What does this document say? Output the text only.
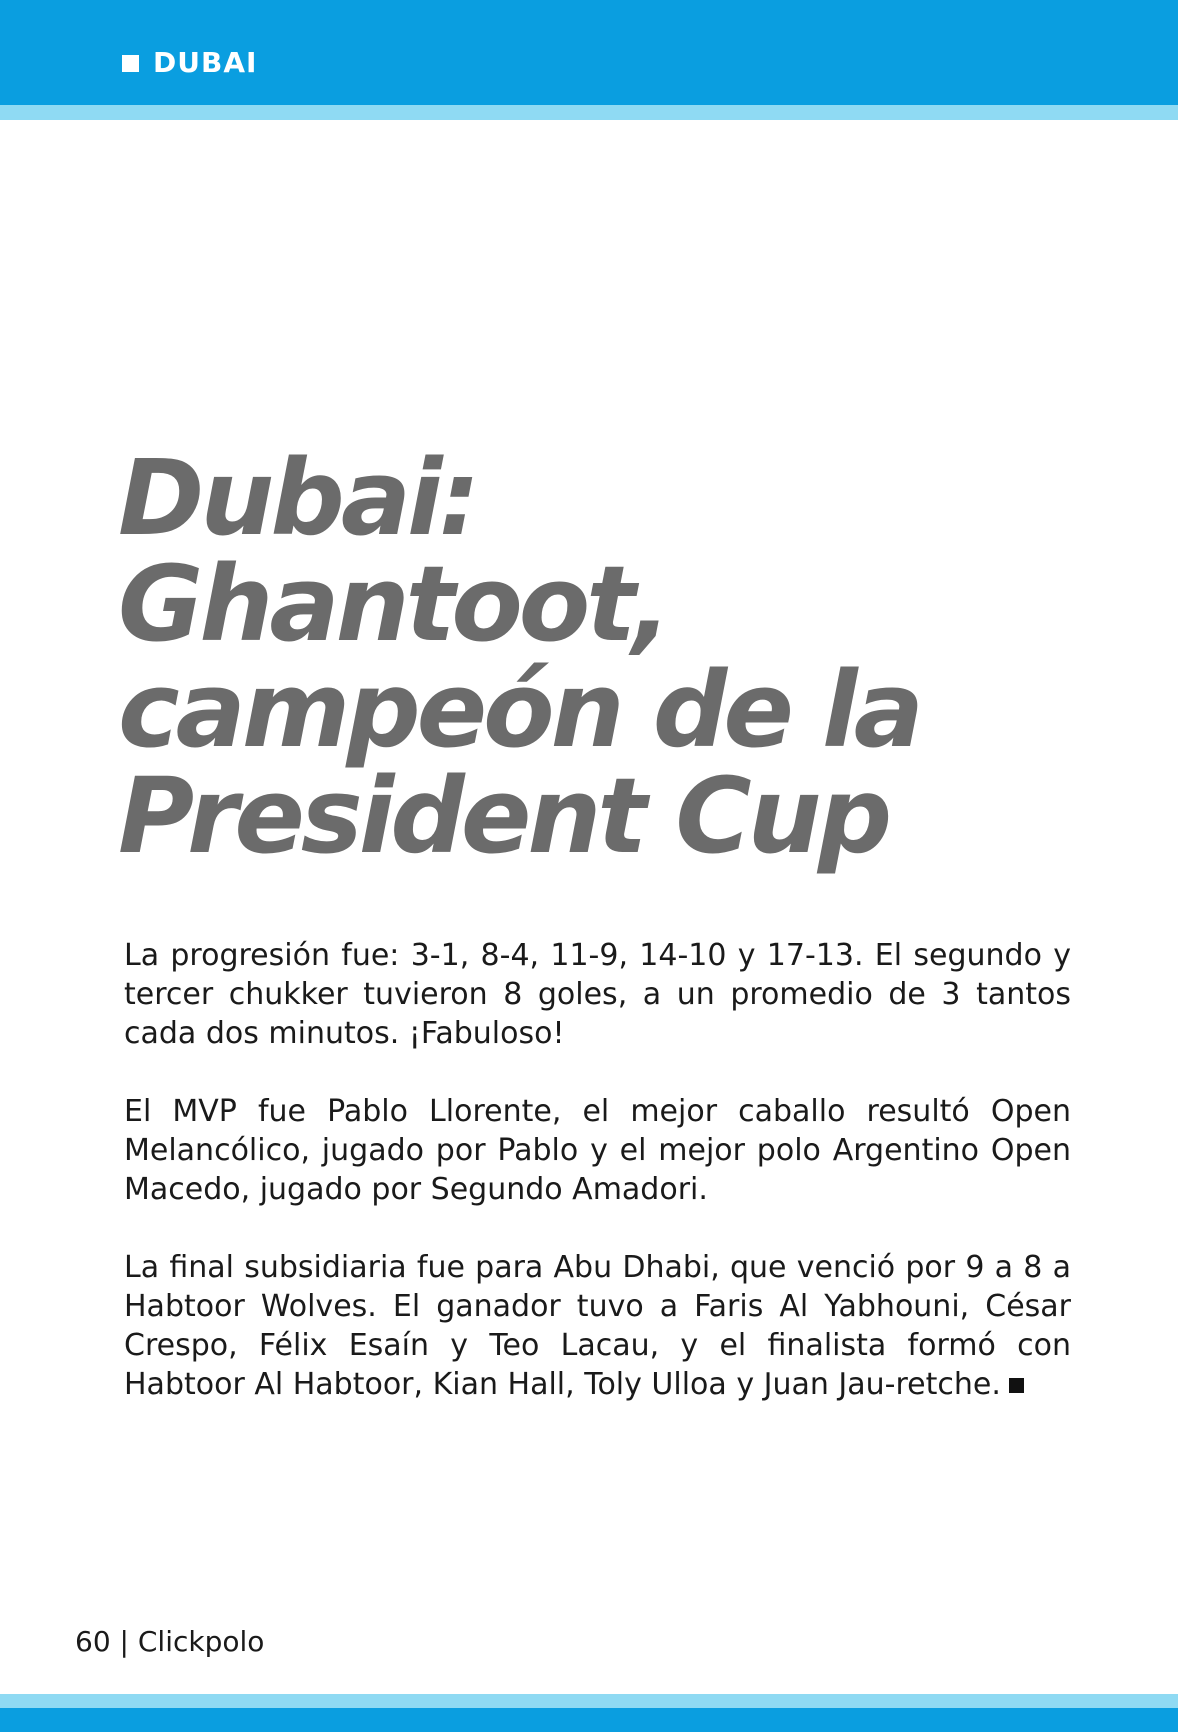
DUBAI
Dubai:
Ghantoot,
campeón de la
President Cup

La progresión fue: 3-1, 8-4, 11-9, 14-10 y 17-13. El segundo y tercer chukker tuvieron 8 goles, a un promedio de 3 tantos cada dos minutos. ¡Fabuloso!

El MVP fue Pablo Llorente, el mejor caballo resultó Open Melancólico, jugado por Pablo y el mejor polo Argentino Open Macedo, jugado por Segundo Amadori.

La final subsidiaria fue para Abu Dhabi, que venció por 9 a 8 a Habtoor Wolves. El ganador tuvo a Faris Al Yabhouni, César Crespo, Félix Esaín y Teo Lacau, y el finalista formó con Habtoor Al Habtoor, Kian Hall, Toly Ulloa y Juan Jau-retche.

60 | Clickpolo
